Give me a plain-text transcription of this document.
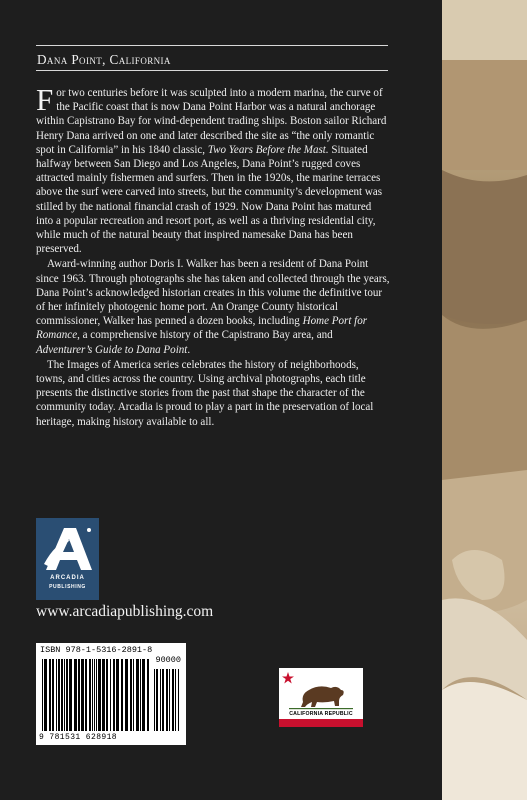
Dana Point, California

For two centuries before it was sculpted into a modern marina, the curve of the Pacific coast that is now Dana Point Harbor was a natural anchorage within Capistrano Bay for wind-dependent trading ships. Boston sailor Richard Henry Dana arrived on one and later described the site as “the only romantic spot in California” in his 1840 classic, Two Years Before the Mast. Situated halfway between San Diego and Los Angeles, Dana Point’s rugged coves attracted mainly fishermen and surfers. Then in the 1920s, the marine terraces above the surf were carved into streets, but the community’s development was stilled by the national financial crash of 1929. Now Dana Point has matured into a popular recreation and resort port, as well as a thriving residential city, while much of the natural beauty that inspired namesake Dana has been preserved.

Award-winning author Doris I. Walker has been a resident of Dana Point since 1963. Through photographs she has taken and collected through the years, Dana Point’s acknowledged historian creates in this volume the definitive tour of her infinitely photogenic home port. An Orange County historical commissioner, Walker has penned a dozen books, including Home Port for Romance, a comprehensive history of the Capistrano Bay area, and Adventurer’s Guide to Dana Point.

The Images of America series celebrates the history of neighborhoods, towns, and cities across the country. Using archival photographs, each title presents the distinctive stories from the past that shape the character of the community today. Arcadia is proud to play a part in the preservation of local heritage, making history available to all.

ARCADIA
PUBLISHING
www.arcadiapublishing.com
ISBN 978-1-5316-2891-8
90000
9 781531 628918
CALIFORNIA REPUBLIC
